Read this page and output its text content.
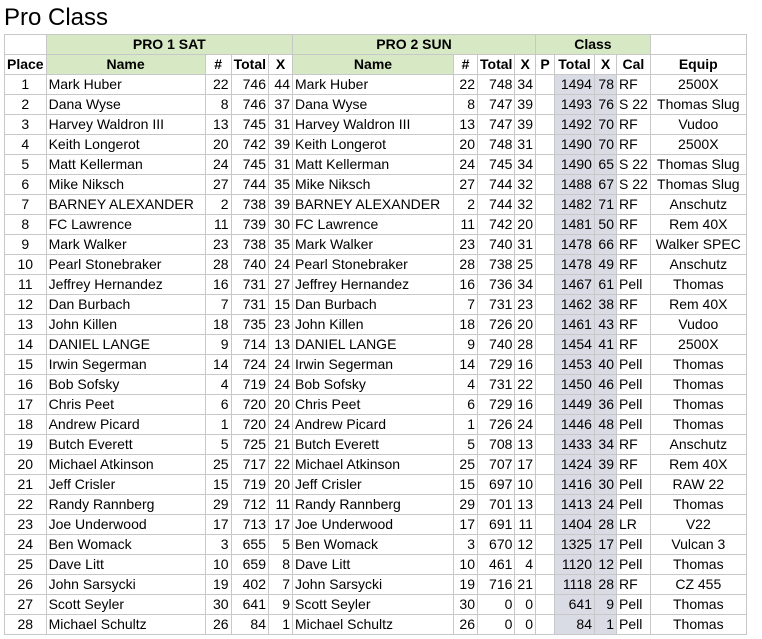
Pro Class
	PRO 1 SAT				PRO 2 SUN				Class				
Place	Name	#	Total	X	Name	#	Total	X	P	Total	X	Cal	Equip
1	Mark Huber	22	746	44	Mark Huber	22	748	34		1494	78	RF	2500X
2	Dana Wyse	8	746	37	Dana Wyse	8	747	39		1493	76	S 22	Thomas Slug
3	Harvey Waldron III	13	745	31	Harvey Waldron III	13	747	39		1492	70	RF	Vudoo
4	Keith Longerot	20	742	39	Keith Longerot	20	748	31		1490	70	RF	2500X
5	Matt Kellerman	24	745	31	Matt Kellerman	24	745	34		1490	65	S 22	Thomas Slug
6	Mike Niksch	27	744	35	Mike Niksch	27	744	32		1488	67	S 22	Thomas Slug
7	BARNEY ALEXANDER	2	738	39	BARNEY ALEXANDER	2	744	32		1482	71	RF	Anschutz
8	FC Lawrence	11	739	30	FC Lawrence	11	742	20		1481	50	RF	Rem 40X
9	Mark Walker	23	738	35	Mark Walker	23	740	31		1478	66	RF	Walker SPEC
10	Pearl Stonebraker	28	740	24	Pearl Stonebraker	28	738	25		1478	49	RF	Anschutz
11	Jeffrey Hernandez	16	731	27	Jeffrey Hernandez	16	736	34		1467	61	Pell	Thomas
12	Dan Burbach	7	731	15	Dan Burbach	7	731	23		1462	38	RF	Rem 40X
13	John Killen	18	735	23	John Killen	18	726	20		1461	43	RF	Vudoo
14	DANIEL LANGE	9	714	13	DANIEL LANGE	9	740	28		1454	41	RF	2500X
15	Irwin Segerman	14	724	24	Irwin Segerman	14	729	16		1453	40	Pell	Thomas
16	Bob Sofsky	4	719	24	Bob Sofsky	4	731	22		1450	46	Pell	Thomas
17	Chris Peet	6	720	20	Chris Peet	6	729	16		1449	36	Pell	Thomas
18	Andrew Picard	1	720	24	Andrew Picard	1	726	24		1446	48	Pell	Thomas
19	Butch Everett	5	725	21	Butch Everett	5	708	13		1433	34	RF	Anschutz
20	Michael Atkinson	25	717	22	Michael Atkinson	25	707	17		1424	39	RF	Rem 40X
21	Jeff Crisler	15	719	20	Jeff Crisler	15	697	10		1416	30	Pell	RAW 22
22	Randy Rannberg	29	712	11	Randy Rannberg	29	701	13		1413	24	Pell	Thomas
23	Joe Underwood	17	713	17	Joe Underwood	17	691	11		1404	28	LR	V22
24	Ben Womack	3	655	5	Ben Womack	3	670	12		1325	17	Pell	Vulcan 3
25	Dave Litt	10	659	8	Dave Litt	10	461	4		1120	12	Pell	Thomas
26	John Sarsycki	19	402	7	John Sarsycki	19	716	21		1118	28	RF	CZ 455
27	Scott Seyler	30	641	9	Scott Seyler	30	0	0		641	9	Pell	Thomas
28	Michael Schultz	26	84	1	Michael Schultz	26	0	0		84	1	Pell	Thomas
